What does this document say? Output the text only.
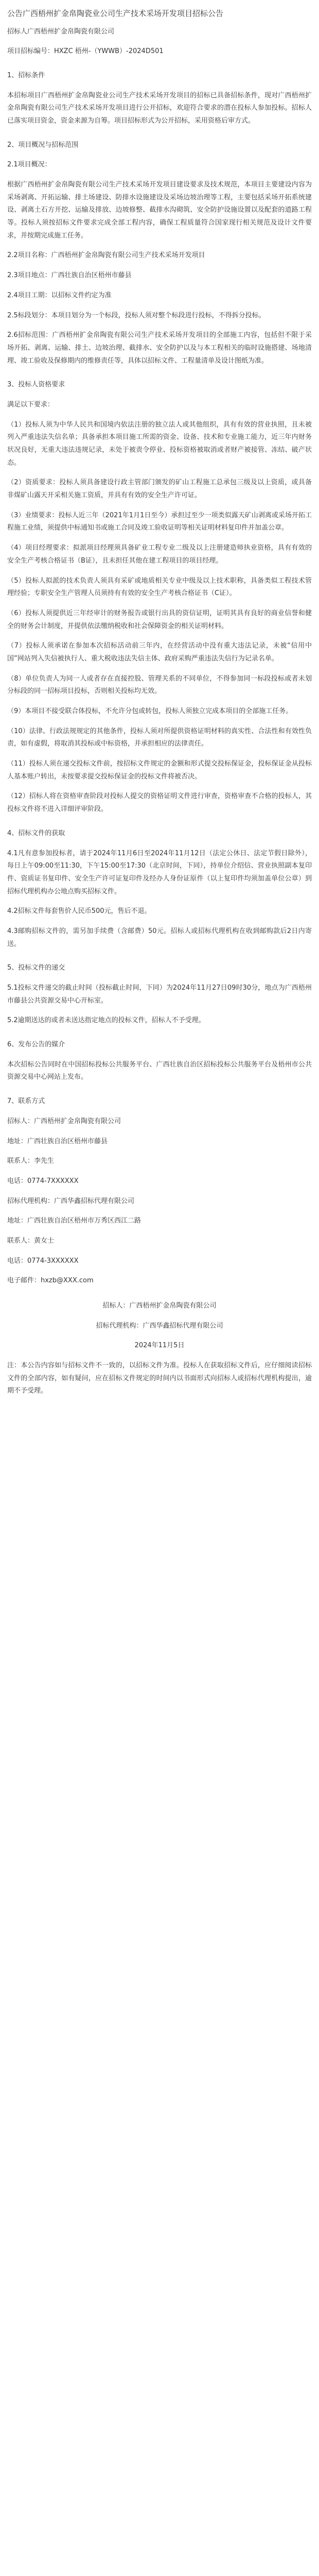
公告广西梧州扩金帛陶瓷业公司生产技术采场开发项目招标公告
招标人广西梧州扩金帛陶瓷有限公司
项目招标编号：HXZC 梧州-（YWWB）-2024D501
1、招标条件
本招标项目广西梧州扩金帛陶瓷业公司生产技术采场开发项目的招标已具备招标条件，现对广西梧州扩金帛陶瓷有限公司生产技术采场开发项目进行公开招标，欢迎符合要求的潜在投标人参加投标。招标人已落实项目资金，资金来源为自筹。项目招标形式为公开招标，采用资格后审方式。
2、项目概况与招标范围
2.1项目概况：
根据广西梧州扩金帛陶瓷有限公司生产技术采场开发项目建设要求及技术规范，本项目主要建设内容为采场剥离、开拓运输、排土场建设、防排水设施建设及采场边坡治理等工程，主要包括采场开拓系统建设、剥离土石方开挖、运输及排放、边坡修整、截排水沟砌筑、安全防护设施设置以及配套的道路工程等。投标人须按招标文件要求完成全部工程内容，确保工程质量符合国家现行相关规范及设计文件要求，并按期完成施工任务。
2.2项目名称：广西梧州扩金帛陶瓷有限公司生产技术采场开发项目
2.3项目地点：广西壮族自治区梧州市藤县
2.4项目工期：以招标文件约定为准
2.5标段划分：本项目划分为一个标段，投标人须对整个标段进行投标，不得拆分投标。
2.6招标范围：广西梧州扩金帛陶瓷有限公司生产技术采场开发项目的全部施工内容，包括但不限于采场开拓、剥离、运输、排土、边坡治理、截排水、安全防护以及与本工程相关的临时设施搭建、场地清理、竣工验收及保修期内的维修责任等，具体以招标文件、工程量清单及设计图纸为准。
3、投标人资格要求
满足以下要求：
（1）投标人须为中华人民共和国境内依法注册的独立法人或其他组织，具有有效的营业执照，且未被列入严重违法失信名单；具备承担本项目施工所需的资金、设备、技术和专业施工能力，近三年内财务状况良好，无重大违法违规记录，未处于被责令停业、投标资格被取消或者财产被接管、冻结、破产状态。
（2）资质要求：投标人须具备建设行政主管部门颁发的矿山工程施工总承包三级及以上资质，或具备非煤矿山露天开采相关施工资质，并具有有效的安全生产许可证。
（3）业绩要求：投标人近三年（2021年1月1日至今）承担过至少一项类似露天矿山剥离或采场开拓工程施工业绩，须提供中标通知书或施工合同及竣工验收证明等相关证明材料复印件并加盖公章。
（4）项目经理要求：拟派项目经理须具备矿业工程专业二级及以上注册建造师执业资格，具有有效的安全生产考核合格证书（B证），且未担任其他在建工程项目的项目经理。
（5）投标人拟派的技术负责人须具有采矿或地质相关专业中级及以上技术职称，具备类似工程技术管理经验；专职安全生产管理人员须持有有效的安全生产考核合格证书（C证）。
（6）投标人须提供近三年经审计的财务报告或银行出具的资信证明，证明其具有良好的商业信誉和健全的财务会计制度，并提供依法缴纳税收和社会保障资金的相关证明材料。
（7）投标人须承诺在参加本次招标活动前三年内，在经营活动中没有重大违法记录，未被“信用中国”网站列入失信被执行人、重大税收违法失信主体、政府采购严重违法失信行为记录名单。
（8）单位负责人为同一人或者存在直接控股、管理关系的不同单位，不得参加同一标段投标或者未划分标段的同一招标项目投标，否则相关投标均无效。
（9）本项目不接受联合体投标，不允许分包或转包，投标人须独立完成本项目的全部施工任务。
（10）法律、行政法规规定的其他条件，投标人须对所提供资格证明材料的真实性、合法性和有效性负责，如有虚假，将取消其投标或中标资格，并承担相应的法律责任。
（11）投标人须在递交投标文件前，按招标文件规定的金额和形式提交投标保证金，投标保证金从投标人基本账户转出，未按要求提交投标保证金的投标文件将被否决。
（12）招标人将在资格审查阶段对投标人提交的资格证明文件进行审查，资格审查不合格的投标人，其投标文件将不进入详细评审阶段。
4、招标文件的获取
4.1凡有意参加投标者，请于2024年11月6日至2024年11月12日（法定公休日、法定节假日除外），每日上午09:00至11:30，下午15:00至17:30（北京时间，下同），持单位介绍信、营业执照副本复印件、资质证书复印件、安全生产许可证复印件及经办人身份证原件（以上复印件均须加盖单位公章）到招标代理机构办公地点购买招标文件。
4.2招标文件每套售价人民币500元，售后不退。
4.3邮购招标文件的，需另加手续费（含邮费）50元。招标人或招标代理机构在收到邮购款后2日内寄送。
5、投标文件的递交
5.1投标文件递交的截止时间（投标截止时间，下同）为2024年11月27日09时30分，地点为广西梧州市藤县公共资源交易中心开标室。
5.2逾期送达的或者未送达指定地点的投标文件，招标人不予受理。
6、发布公告的媒介
本次招标公告同时在中国招标投标公共服务平台、广西壮族自治区招标投标公共服务平台及梧州市公共资源交易中心网站上发布。
7、联系方式
招标人：广西梧州扩金帛陶瓷有限公司
地址：广西壮族自治区梧州市藤县
联系人：李先生
电话：0774-7XXXXXX
招标代理机构：广西华鑫招标代理有限公司
地址：广西壮族自治区梧州市万秀区西江二路
联系人：黄女士
电话：0774-3XXXXXX
电子邮件：hxzb@XXX.com
招标人：广西梧州扩金帛陶瓷有限公司
招标代理机构：广西华鑫招标代理有限公司
2024年11月5日
注：本公告内容如与招标文件不一致的，以招标文件为准。投标人在获取招标文件后，应仔细阅读招标文件的全部内容，如有疑问，应在招标文件规定的时间内以书面形式向招标人或招标代理机构提出，逾期不予受理。
